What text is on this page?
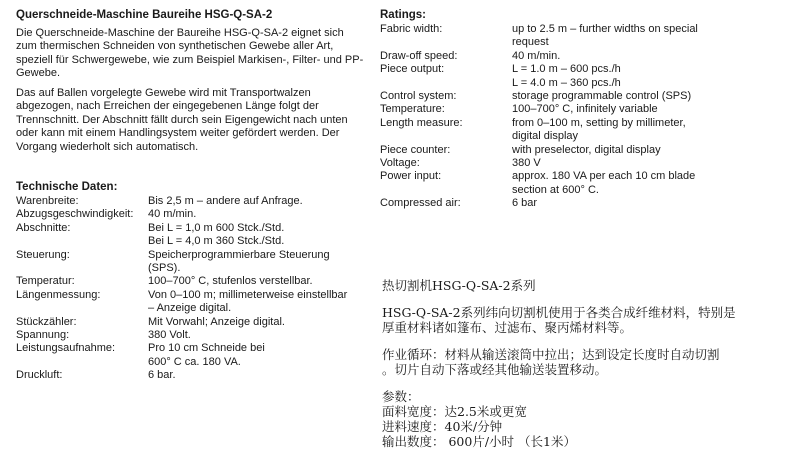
Querschneide-Maschine Baureihe HSG-Q-SA-2

Die Querschneide-Maschine der Baureihe HSG-Q-SA-2 eignet sich zum thermischen Schneiden von synthetischen Gewebe aller Art, speziell für Schwergewebe, wie zum Beispiel Markisen-, Filter- und PP-Gewebe.

Das auf Ballen vorgelegte Gewebe wird mit Transportwalzen abgezogen, nach Erreichen der eingegebenen Länge folgt der Trennschnitt. Der Abschnitt fällt durch sein Eigengewicht nach unten oder kann mit einem Handlingsystem weiter gefördert werden. Der Vorgang wiederholt sich automatisch.

Technische Daten:
Warenbreite:	Bis 2,5 m – andere auf Anfrage.
Abzugsgeschwindigkeit:	40 m/min.
Abschnitte:	Bei L = 1,0 m 600 Stck./Std.
Bei L = 4,0 m 360 Stck./Std.
Steuerung:	Speicherprogrammierbare Steuerung
(SPS).
Temperatur:	100–700° C, stufenlos verstellbar.
Längenmessung:	Von 0–100 m; millimeterweise einstellbar
– Anzeige digital.
Stückzähler:	Mit Vorwahl; Anzeige digital.
Spannung:	380 Volt.
Leistungsaufnahme:	Pro 10 cm Schneide bei
600° C ca. 180 VA.
Druckluft:	6 bar.
Ratings:
Fabric width:	up to 2.5 m – further widths on special
request
Draw-off speed:	40 m/min.
Piece output:	L = 1.0 m – 600 pcs./h
L = 4.0 m – 360 pcs./h
Control system:	storage programmable control (SPS)
Temperature:	100–700° C, infinitely variable
Length measure:	from 0–100 m, setting by millimeter,
digital display
Piece counter:	with preselector, digital display
Voltage:	380 V
Power input:	approx. 180 VA per each 10 cm blade
section at 600° C.
Compressed air:	6 bar
热切割机HSG-Q-SA-2系列
HSG-Q-SA-2系列纬向切割机使用于各类合成纤维材料，特别是
厚重材料诸如篷布、过滤布、聚丙烯材料等。
作业循环：材料从输送滚筒中拉出；达到设定长度时自动切割
。切片自动下落或经其他输送装置移动。
参数：
面料宽度：达2.5米或更宽
进料速度：40米/分钟
输出数度： 600片/小时 （长1米）
